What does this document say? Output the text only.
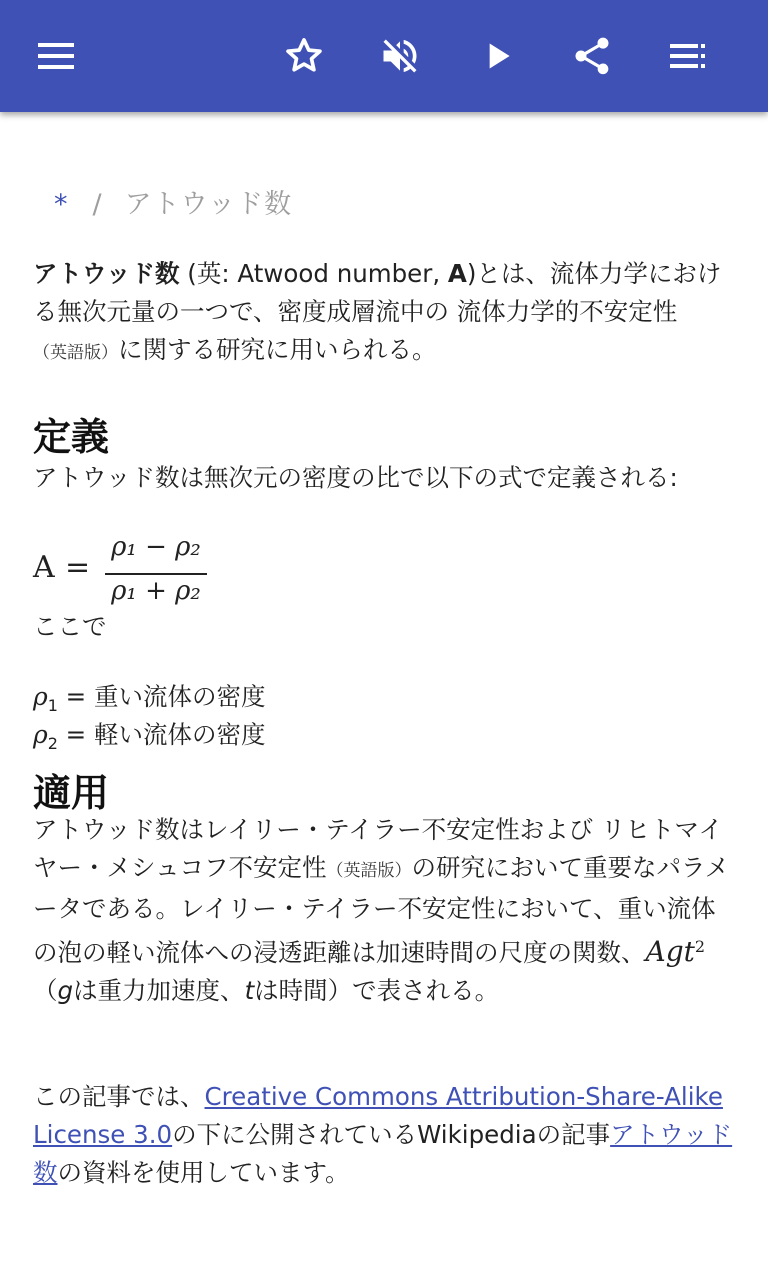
* / アトウッド数

アトウッド数 (英: Atwood number, A)とは、流体力学における無次元量の一つで、密度成層流中の 流体力学的不安定性
（英語版）に関する研究に用いられる。

定義

アトウッド数は無次元の密度の比で以下の式で定義される:

A =
ρ₁ − ρ₂
ρ₁ + ρ₂

ここで

$\rho_1$ = 重い流体の密度
$\rho_2$ = 軽い流体の密度
適用

アトウッド数はレイリー・テイラー不安定性および リヒトマイヤー・メシュコフ不安定性（英語版）の研究において重要なパラメータである。レイリー・テイラー不安定性において、重い流体の泡の軽い流体への浸透距離は加速時間の尺度の関数、Agt$^2$（gは重力加速度、tは時間）で表される。

この記事では、Creative Commons Attribution-Share-Alike License 3.0の下に公開されているWikipediaの記事アトウッド数の資料を使用しています。
